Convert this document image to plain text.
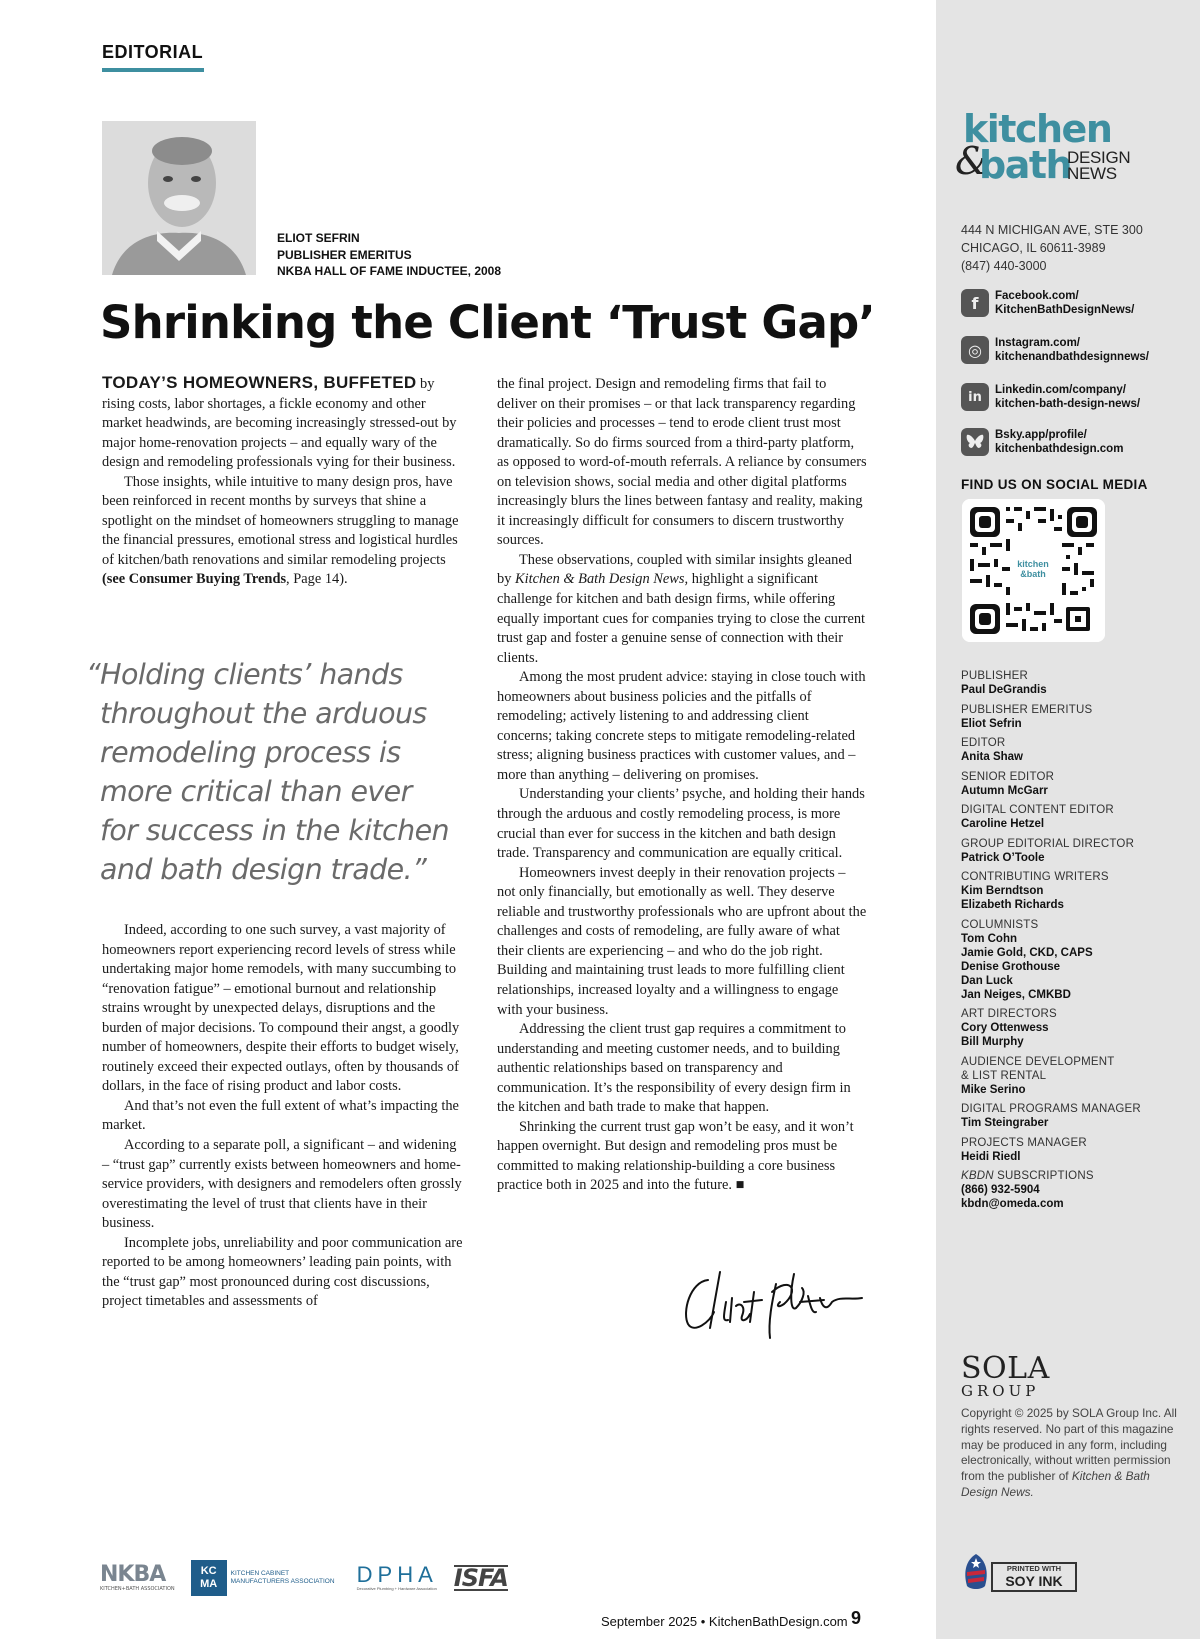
EDITORIAL
ELIOT SEFRIN
PUBLISHER EMERITUS
NKBA HALL OF FAME INDUCTEE, 2008
Shrinking the Client ‘Trust Gap’

TODAY’S HOMEOWNERS, BUFFETED by rising costs, labor shortages, a fickle economy and other market headwinds, are becoming increasingly stressed-out by major home-renovation projects – and equally wary of the design and remodeling professionals vying for their business.

Those insights, while intuitive to many design pros, have been reinforced in recent months by surveys that shine a spotlight on the mindset of homeowners struggling to manage the financial pressures, emotional stress and logistical hurdles of kitchen/bath renovations and similar remodeling projects (see Consumer Buying Trends, Page 14).

“Holding clients’ hands
throughout the arduous
remodeling process is
more critical than ever
for success in the kitchen
and bath design trade.”

Indeed, according to one such survey, a vast majority of homeowners report experiencing record levels of stress while undertaking major home remodels, with many succumbing to “renovation fatigue” – emotional burnout and relationship strains wrought by unexpected delays, disruptions and the burden of major decisions. To compound their angst, a goodly number of homeowners, despite their efforts to budget wisely, routinely exceed their expected outlays, often by thousands of dollars, in the face of rising product and labor costs.

And that’s not even the full extent of what’s impacting the market.

According to a separate poll, a significant – and widening – “trust gap” currently exists between homeowners and home-service providers, with designers and remodelers often grossly overestimating the level of trust that clients have in their business.

Incomplete jobs, unreliability and poor communication are reported to be among homeowners’ leading pain points, with the “trust gap” most pronounced during cost discussions, project timetables and assessments of

the final project. Design and remodeling firms that fail to deliver on their promises – or that lack transparency regarding their policies and processes – tend to erode client trust most dramatically. So do firms sourced from a third-party platform, as opposed to word-of-mouth referrals. A reliance by consumers on television shows, social media and other digital platforms increasingly blurs the lines between fantasy and reality, making it increasingly difficult for consumers to discern trustworthy sources.

These observations, coupled with similar insights gleaned by Kitchen & Bath Design News, highlight a significant challenge for kitchen and bath design firms, while offering equally important cues for companies trying to close the current trust gap and foster a genuine sense of connection with their clients.

Among the most prudent advice: staying in close touch with homeowners about business policies and the pitfalls of remodeling; actively listening to and addressing client concerns; taking concrete steps to mitigate remodeling-related stress; aligning business practices with customer values, and – more than anything – delivering on promises.

Understanding your clients’ psyche, and holding their hands through the arduous and costly remodeling process, is more crucial than ever for success in the kitchen and bath design trade. Transparency and communication are equally critical.

Homeowners invest deeply in their renovation projects – not only financially, but emotionally as well. They deserve reliable and trustworthy professionals who are upfront about the challenges and costs of remodeling, are fully aware of what their clients are experiencing – and who do the job right. Building and maintaining trust leads to more fulfilling client relationships, increased loyalty and a willingness to engage with your business.

Addressing the client trust gap requires a commitment to understanding and meeting customer needs, and to building authentic relationships based on transparency and communication. It’s the responsibility of every design firm in the kitchen and bath trade to make that happen.

Shrinking the current trust gap won’t be easy, and it won’t happen overnight. But design and remodeling pros must be committed to making relationship-building a core business practice both in 2025 and into the future. ■

NKBA
KITCHEN+BATH ASSOCIATION
KC MA
KITCHEN CABINET MANUFACTURERS ASSOCIATION DPHA
Decorative Plumbing + Hardware Association ISFA
September 2025 • KitchenBathDesign.com 9
kitchen
&
bath
DESIGN
NEWS
444 N MICHIGAN AVE, STE 300
CHICAGO, IL 60611-3989
(847) 440-3000
f	Facebook.com/
KitchenBathDesignNews/
◎	Instagram.com/
kitchenandbathdesignnews/
in	Linkedin.com/company/
kitchen-bath-design-news/
Bsky.app/profile/
kitchenbathdesign.com
FIND US ON SOCIAL MEDIA
kitchen
&bath
PUBLISHER
Paul DeGrandis
PUBLISHER EMERITUS
Eliot Sefrin
EDITOR
Anita Shaw
SENIOR EDITOR
Autumn McGarr
DIGITAL CONTENT EDITOR
Caroline Hetzel
GROUP EDITORIAL DIRECTOR
Patrick O’Toole
CONTRIBUTING WRITERS
Kim Berndtson
Elizabeth Richards
COLUMNISTS
Tom Cohn
Jamie Gold, CKD, CAPS
Denise Grothouse
Dan Luck
Jan Neiges, CMKBD
ART DIRECTORS
Cory Ottenwess
Bill Murphy
AUDIENCE DEVELOPMENT & LIST RENTAL
Mike Serino
DIGITAL PROGRAMS MANAGER
Tim Steingraber
PROJECTS MANAGER
Heidi Riedl
KBDN SUBSCRIPTIONS
(866) 932-5904
kbdn@omeda.com
SOLA
GROUP
Copyright © 2025 by SOLA Group Inc. All rights reserved. No part of this magazine may be produced in any form, including electronically, without written permission from the publisher of Kitchen & Bath Design News.
PRINTED WITH
SOY INK
